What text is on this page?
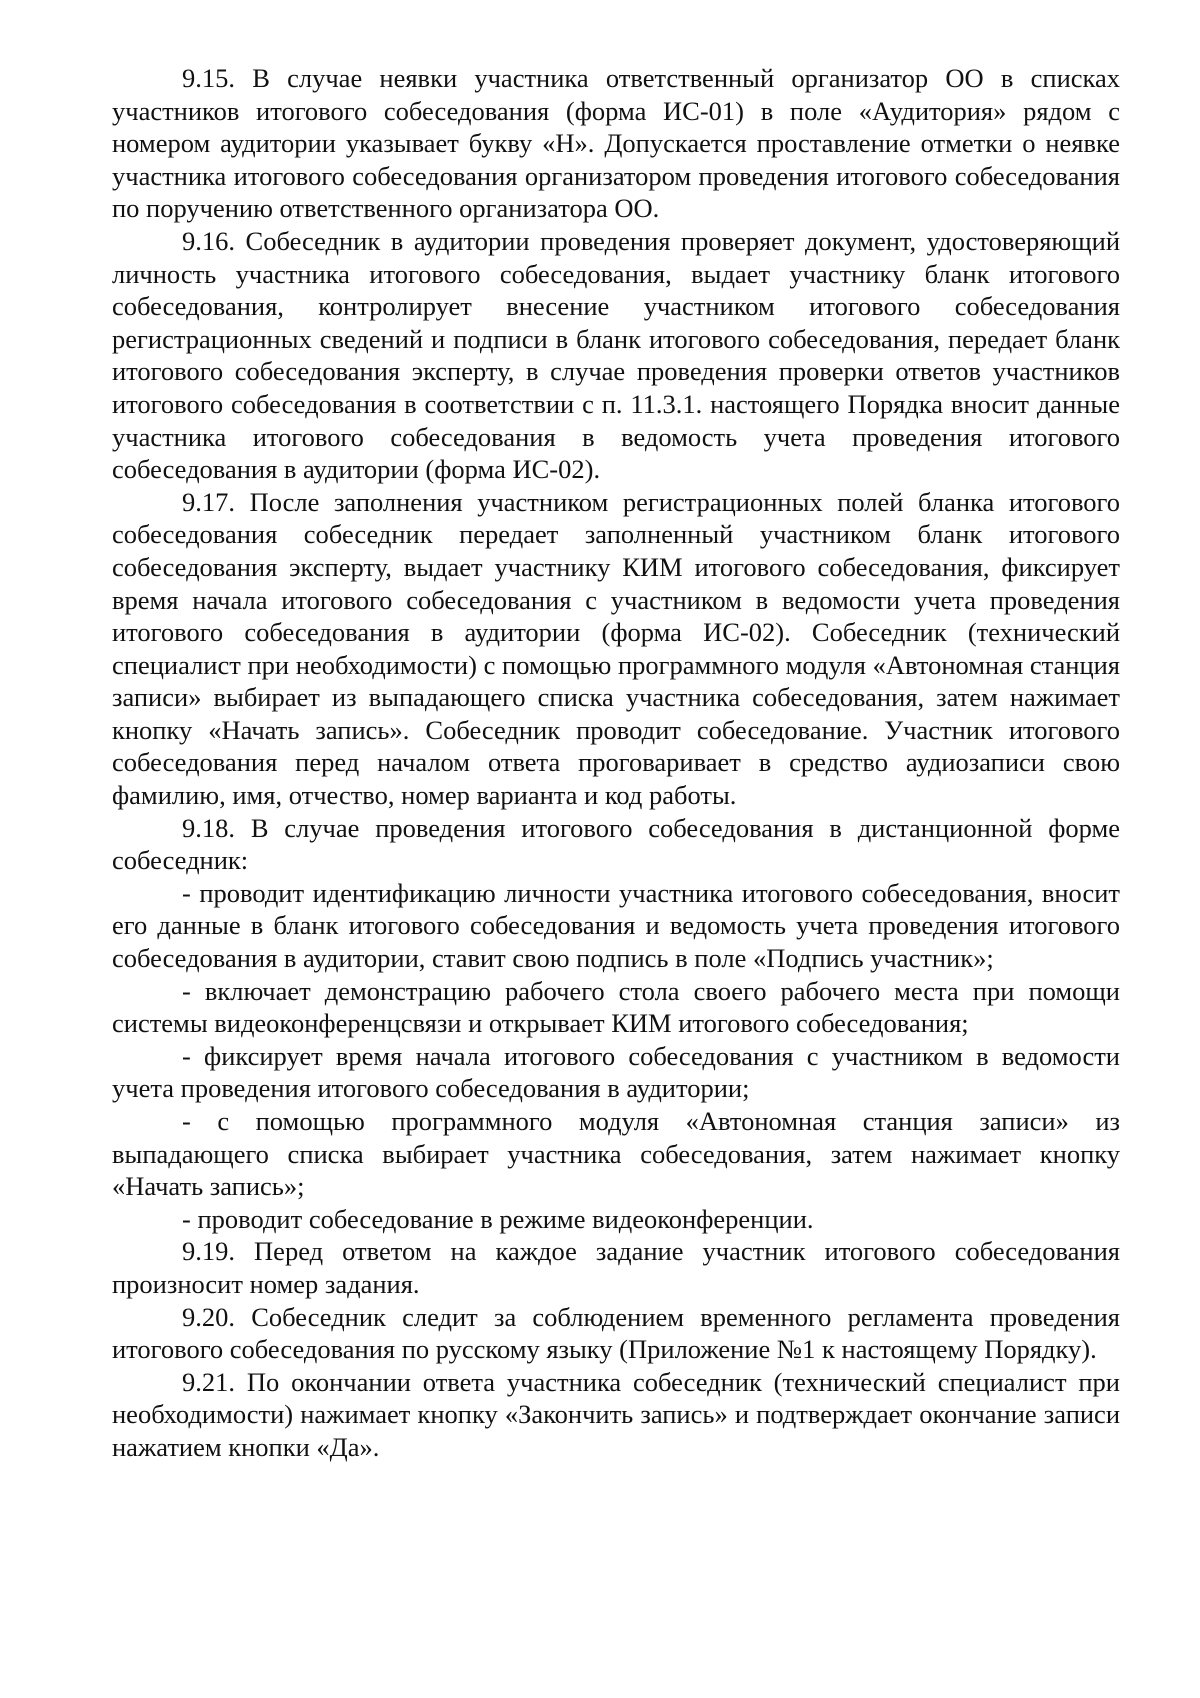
9.15. В случае неявки участника ответственный организатор ОО в списках участников итогового собеседования (форма ИС-01) в поле «Аудитория» рядом с номером аудитории указывает букву «Н». Допускается проставление отметки о неявке участника итогового собеседования организатором проведения итогового собеседования по поручению ответственного организатора ОО.

9.16. Собеседник в аудитории проведения проверяет документ, удостоверяющий личность участника итогового собеседования, выдает участнику бланк итогового собеседования, контролирует внесение участником итогового собеседования регистрационных сведений и подписи в бланк итогового собеседования, передает бланк итогового собеседования эксперту, в случае проведения проверки ответов участников итогового собеседования в соответствии с п. 11.3.1. настоящего Порядка вносит данные участника итогового собеседования в ведомость учета проведения итогового собеседования в аудитории (форма ИС-02).

9.17. После заполнения участником регистрационных полей бланка итогового собеседования собеседник передает заполненный участником бланк итогового собеседования эксперту, выдает участнику КИМ итогового собеседования, фиксирует время начала итогового собеседования с участником в ведомости учета проведения итогового собеседования в аудитории (форма ИС-02). Собеседник (технический специалист при необходимости) с помощью программного модуля «Автономная станция записи» выбирает из выпадающего списка участника собеседования, затем нажимает кнопку «Начать запись». Собеседник проводит собеседование. Участник итогового собеседования перед началом ответа проговаривает в средство аудиозаписи свою фамилию, имя, отчество, номер варианта и код работы.

9.18. В случае проведения итогового собеседования в дистанционной форме собеседник:

- проводит идентификацию личности участника итогового собеседования, вносит его данные в бланк итогового собеседования и ведомость учета проведения итогового собеседования в аудитории, ставит свою подпись в поле «Подпись участник»;

- включает демонстрацию рабочего стола своего рабочего места при помощи системы видеоконференцсвязи и открывает КИМ итогового собеседования;

- фиксирует время начала итогового собеседования с участником в ведомости учета проведения итогового собеседования в аудитории;

- с помощью программного модуля «Автономная станция записи» из выпадающего списка выбирает участника собеседования, затем нажимает кнопку «Начать запись»;

- проводит собеседование в режиме видеоконференции.

9.19. Перед ответом на каждое задание участник итогового собеседования произносит номер задания.

9.20. Собеседник следит за соблюдением временного регламента проведения итогового собеседования по русскому языку (Приложение №1 к настоящему Порядку).

9.21. По окончании ответа участника собеседник (технический специалист при необходимости) нажимает кнопку «Закончить запись» и подтверждает окончание записи нажатием кнопки «Да».
